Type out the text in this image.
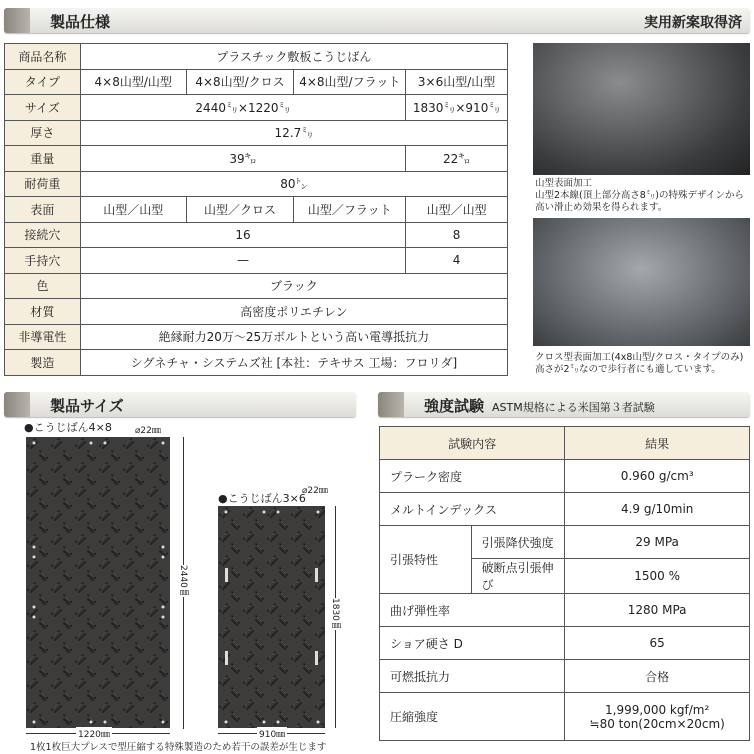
製品仕様	実用新案取得済
商品名称	プラスチック敷板こうじばん			
タイプ	4×8山型/山型	4×8山型/クロス	4×8山型/フラット	3×6山型/山型
サイズ	2440㍉×1220㍉			1830㍉×910㍉
厚さ	12.7㍉			
重量	39㌔			22㌔
耐荷重	80㌧			
表面	山型／山型	山型／クロス	山型／フラット	山型／山型
接続穴	16			8
手持穴	—			4
色	ブラック			
材質	高密度ポリエチレン			
非導電性	絶縁耐力20万～25万ボルトという高い電導抵抗力			
製造	シグネチャ・システムズ社 [本社：テキサス 工場：フロリダ]			
山型表面加工
山型2本線(頂上部分高さ8㍉)の特殊デザインから高い滑止め効果を得られます。
クロス型表面加工(4x8山型/クロス・タイプのみ)
高さが2㍉なので歩行者にも適しています。
製品サイズ
●こうじばん4×8	⌀22㎜
2440㎜
1220㎜
●こうじばん3×6
⌀22㎜
1830㎜
910㎜
1枚1枚巨大プレスで型圧縮する特殊製造のため若干の誤差が生じます
強度試験 ASTM規格による米国第３者試験
試験内容		結果
プラーク密度		0.960 g/cm³
メルトインデックス		4.9 g/10min
引張特性	引張降伏強度	29 MPa
	破断点引張伸び	1500 %
曲げ弾性率		1280 MPa
ショア硬さ D		65
可燃抵抗力		合格
圧縮強度		1,999,000 kgf/m²
≒80 ton(20cm×20cm)
